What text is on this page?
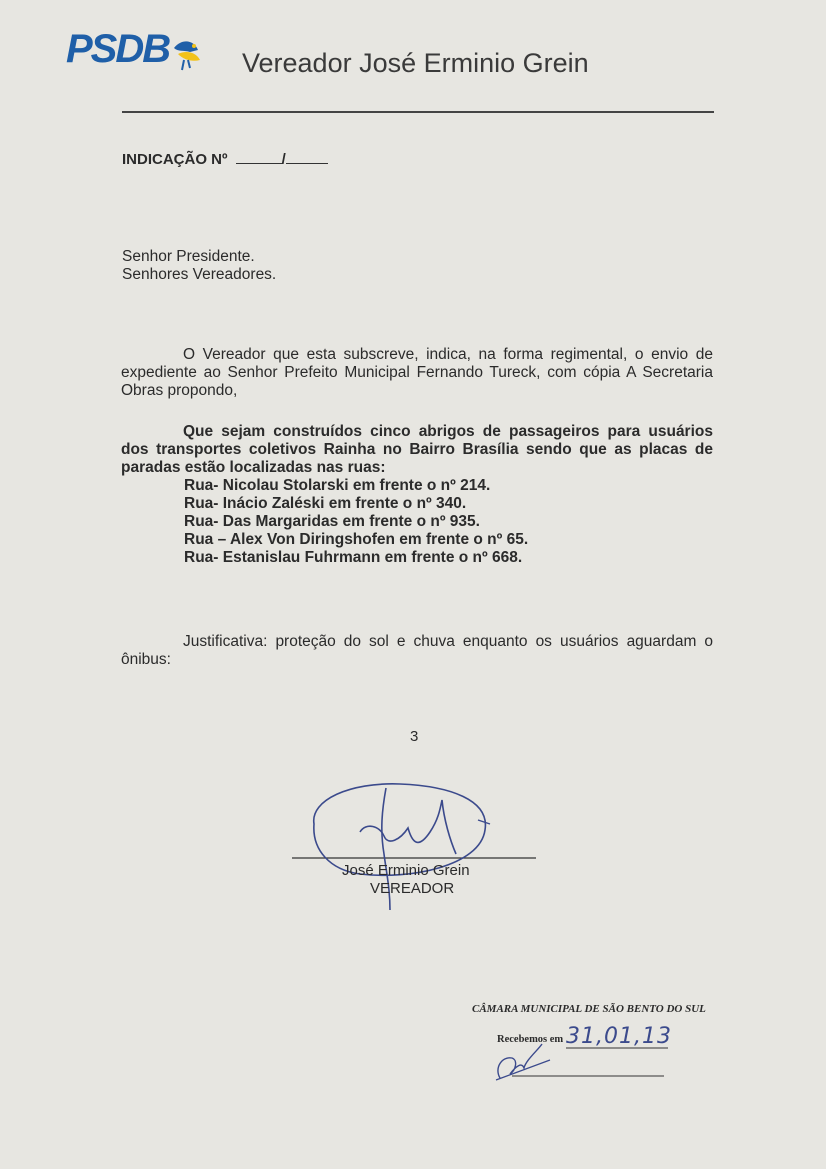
PSDB	Vereador José Erminio Grein
INDICAÇÃO Nº	/
Senhor Presidente.
Senhores Vereadores.
O Vereador que esta subscreve, indica, na forma regimental, o envio de expediente ao Senhor Prefeito Municipal Fernando Tureck, com cópia A Secretaria Obras propondo,
Que sejam construídos cinco abrigos de passageiros para usuários dos transportes coletivos Rainha no Bairro Brasília sendo que as placas de paradas estão localizadas nas ruas:
Rua- Nicolau Stolarski em frente o nº 214.
Rua- Inácio Zaléski em frente o nº 340.
Rua- Das Margaridas em frente o nº 935.
Rua – Alex Von Diringshofen em frente o nº 65.
Rua- Estanislau Fuhrmann em frente o nº 668.
Justificativa: proteção do sol e chuva enquanto os usuários aguardam o ônibus:
3
José Erminio Grein
VEREADOR
CÂMARA MUNICIPAL DE SÃO BENTO DO SUL
Recebemos em 31,01,13
